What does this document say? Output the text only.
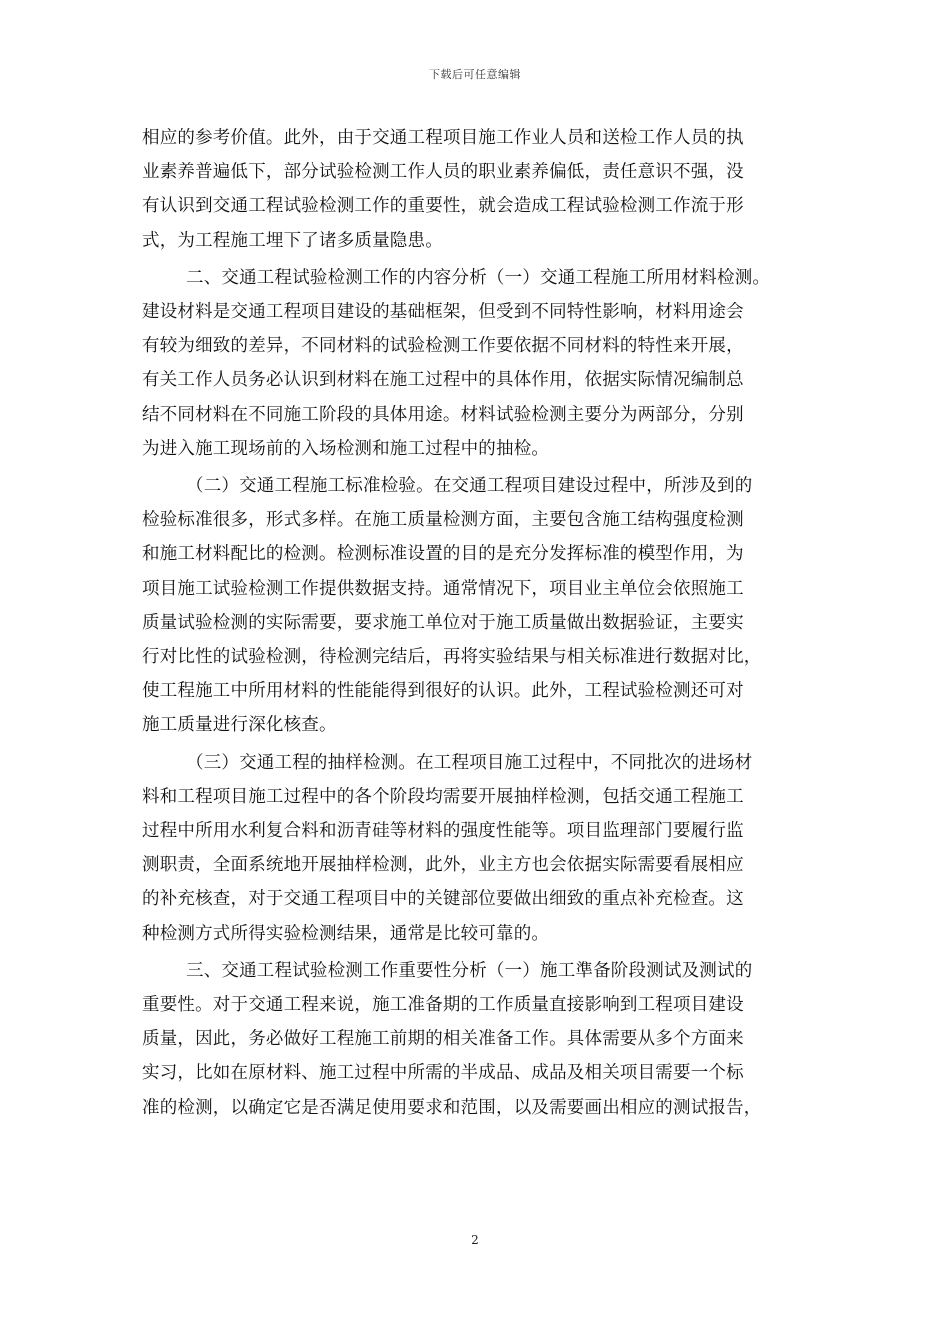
下载后可任意编辑
相应的参考价值。此外，由于交通工程项目施工作业人员和送检工作人员的执
业素养普遍低下，部分试验检测工作人员的职业素养偏低，责任意识不强，没
有认识到交通工程试验检测工作的重要性，就会造成工程试验检测工作流于形
式，为工程施工埋下了诸多质量隐患。
二、交通工程试验检测工作的内容分析（一）交通工程施工所用材料检测。
建设材料是交通工程项目建设的基础框架，但受到不同特性影响，材料用途会
有较为细致的差异，不同材料的试验检测工作要依据不同材料的特性来开展，
有关工作人员务必认识到材料在施工过程中的具体作用，依据实际情况编制总
结不同材料在不同施工阶段的具体用途。材料试验检测主要分为两部分，分别
为进入施工现场前的入场检测和施工过程中的抽检。
（二）交通工程施工标准检验。在交通工程项目建设过程中，所涉及到的
检验标准很多，形式多样。在施工质量检测方面，主要包含施工结构强度检测
和施工材料配比的检测。检测标准设置的目的是充分发挥标准的模型作用，为
项目施工试验检测工作提供数据支持。通常情况下，项目业主单位会依照施工
质量试验检测的实际需要，要求施工单位对于施工质量做出数据验证，主要实
行对比性的试验检测，待检测完结后，再将实验结果与相关标准进行数据对比，
使工程施工中所用材料的性能能得到很好的认识。此外，工程试验检测还可对
施工质量进行深化核查。
（三）交通工程的抽样检测。在工程项目施工过程中，不同批次的进场材
料和工程项目施工过程中的各个阶段均需要开展抽样检测，包括交通工程施工
过程中所用水利复合料和沥青硅等材料的强度性能等。项目监理部门要履行监
测职责，全面系统地开展抽样检测，此外，业主方也会依据实际需要看展相应
的补充核查，对于交通工程项目中的关键部位要做出细致的重点补充检查。这
种检测方式所得实验检测结果，通常是比较可靠的。
三、交通工程试验检测工作重要性分析（一）施工準备阶段测试及测试的
重要性。对于交通工程来说，施工准备期的工作质量直接影响到工程项目建设
质量，因此，务必做好工程施工前期的相关准备工作。具体需要从多个方面来
实习，比如在原材料、施工过程中所需的半成品、成品及相关项目需要一个标
准的检测，以确定它是否满足使用要求和范围，以及需要画出相应的测试报告，
2
